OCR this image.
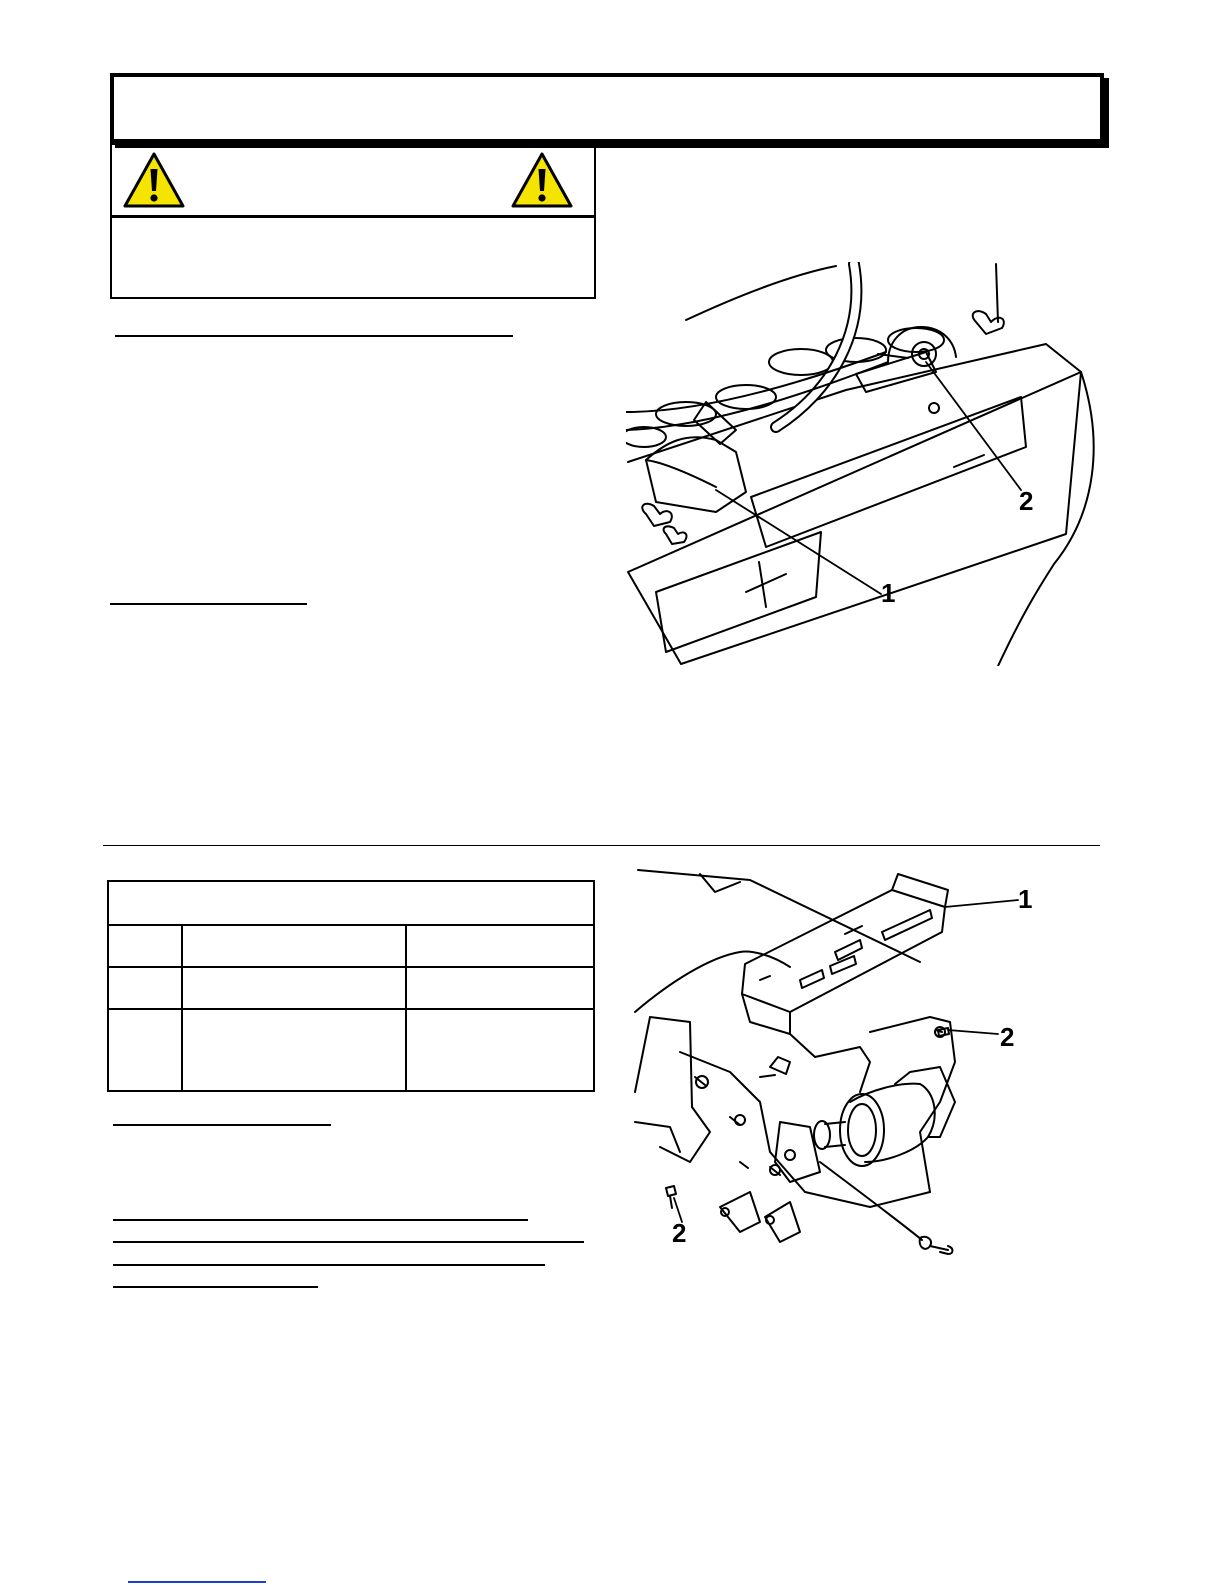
1
2

1
2
2
